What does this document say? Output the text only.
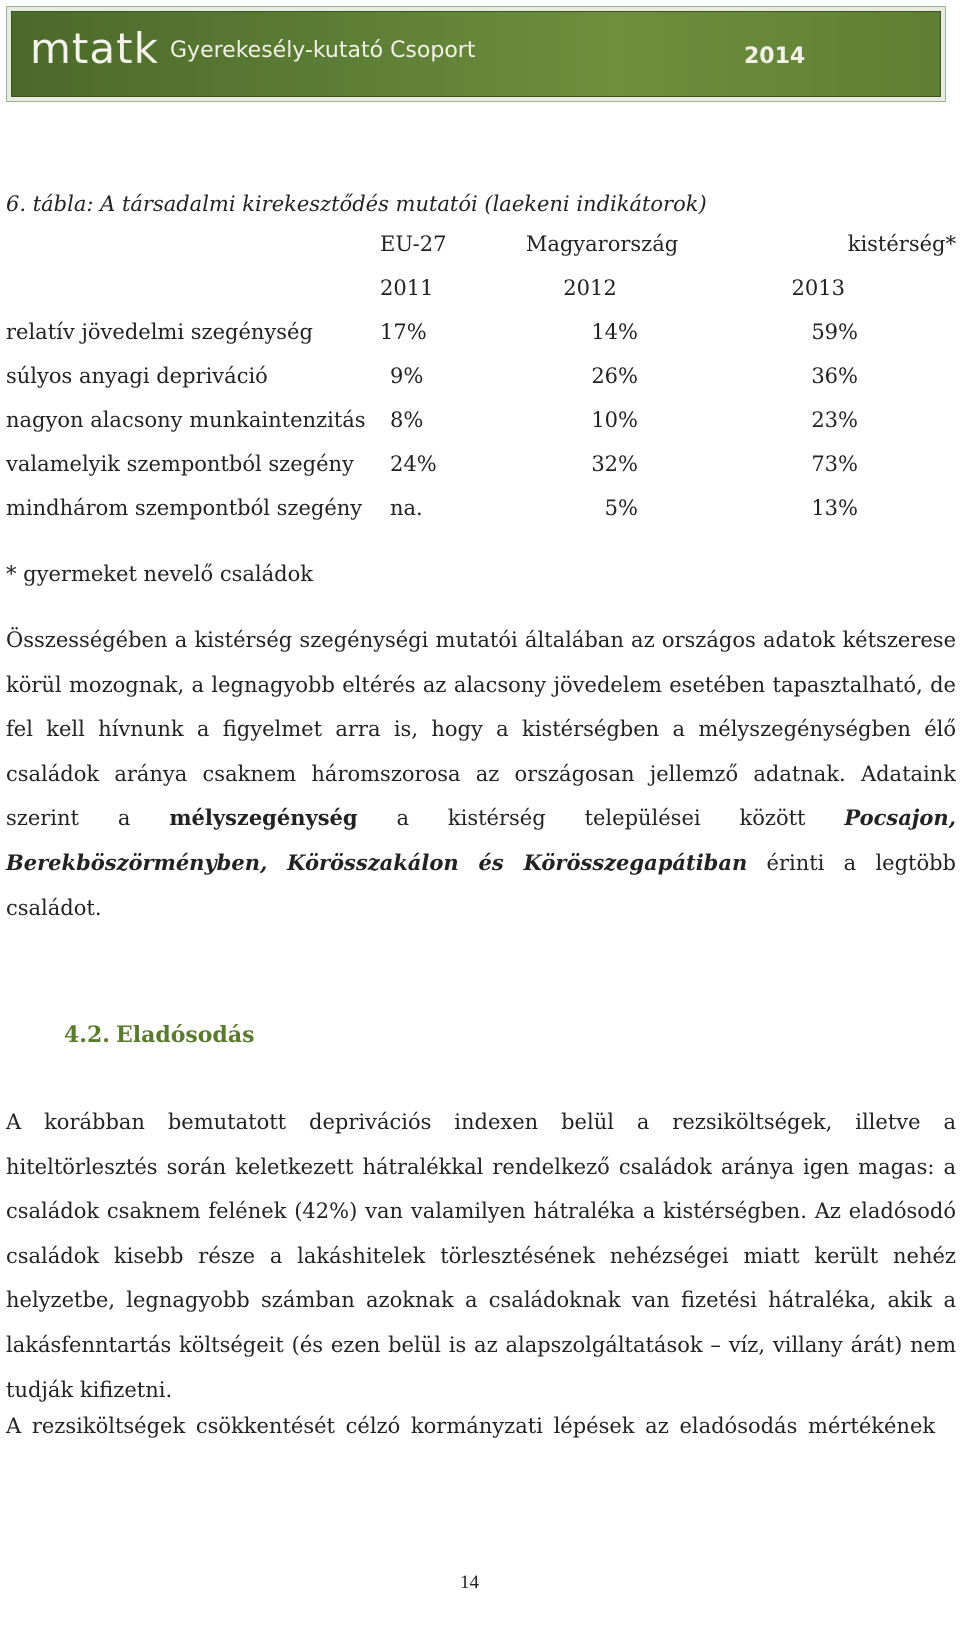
mtatk Gyerekesély-kutató Csoport	2014
6. tábla: A társadalmi kirekesztődés mutatói (laekeni indikátorok)
EU-27	Magyarország	kistérség*
2011	2012	2013
relatív jövedelmi szegénység	17%	14%	59%
súlyos anyagi depriváció	9%	26%	36%
nagyon alacsony munkaintenzitás 8%	10%	23%
valamelyik szempontból szegény 24%	32%	73%
mindhárom szempontból szegény na.	5%	13%
* gyermeket nevelő családok

Összességében a kistérség szegénységi mutatói általában az országos adatok kétszerese körül mozognak, a legnagyobb eltérés az alacsony jövedelem esetében tapasztalható, de fel kell hívnunk a figyelmet arra is, hogy a kistérségben a mélyszegénységben élő családok aránya csaknem háromszorosa az országosan jellemző adatnak. Adataink szerint a mélyszegénység a kistérség települései között Pocsajon, Berekböszörményben, Körösszakálon és Körösszegapátiban érinti a legtöbb családot.

4.2. Eladósodás

A korábban bemutatott deprivációs indexen belül a rezsiköltségek, illetve a hiteltörlesztés során keletkezett hátralékkal rendelkező családok aránya igen magas: a családok csaknem felének (42%) van valamilyen hátraléka a kistérségben. Az eladósodó családok kisebb része a lakáshitelek törlesztésének nehézségei miatt került nehéz helyzetbe, legnagyobb számban azoknak a családoknak van fizetési hátraléka, akik a lakásfenntartás költségeit (és ezen belül is az alapszolgáltatások – víz, villany árát) nem tudják kifizetni.

A rezsiköltségek csökkentését célzó kormányzati lépések az eladósodás mértékének

14
